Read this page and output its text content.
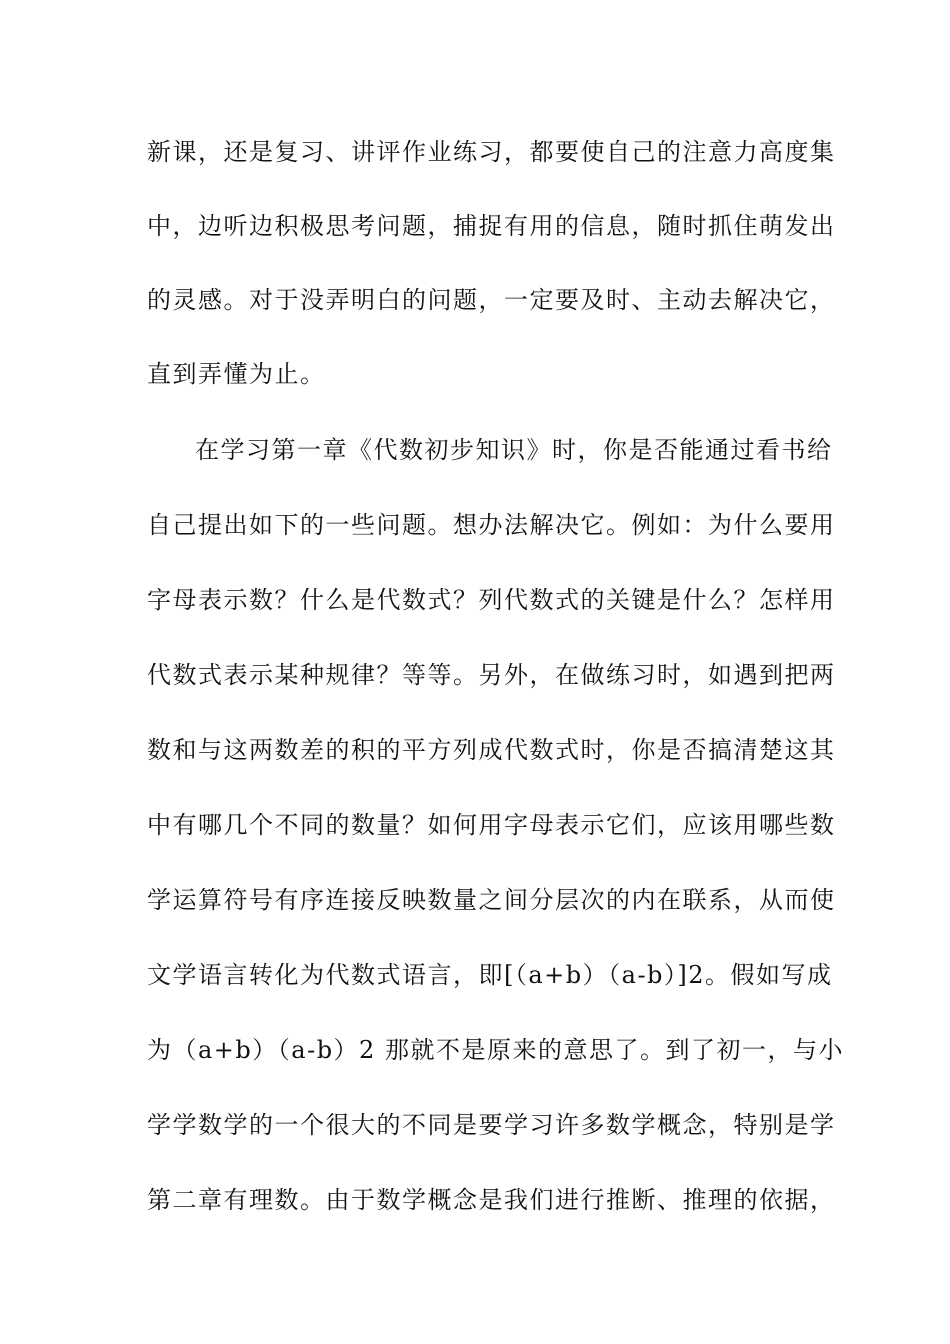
新课，还是复习、讲评作业练习，都要使自己的注意力高度集
中，边听边积极思考问题，捕捉有用的信息，随时抓住萌发出
的灵感。对于没弄明白的问题，一定要及时、主动去解决它，
直到弄懂为止。
在学习第一章《代数初步知识》时，你是否能通过看书给
自己提出如下的一些问题。想办法解决它。例如：为什么要用
字母表示数？什么是代数式？列代数式的关键是什么？怎样用
代数式表示某种规律？等等。另外，在做练习时，如遇到把两
数和与这两数差的积的平方列成代数式时，你是否搞清楚这其
中有哪几个不同的数量？如何用字母表示它们，应该用哪些数
学运算符号有序连接反映数量之间分层次的内在联系，从而使
文学语言转化为代数式语言，即[（a+b）（a-b）]2。假如写成
为（a+b）（a-b）2 那就不是原来的意思了。到了初一，与小
学学数学的一个很大的不同是要学习许多数学概念，特别是学
第二章有理数。由于数学概念是我们进行推断、推理的依据，
